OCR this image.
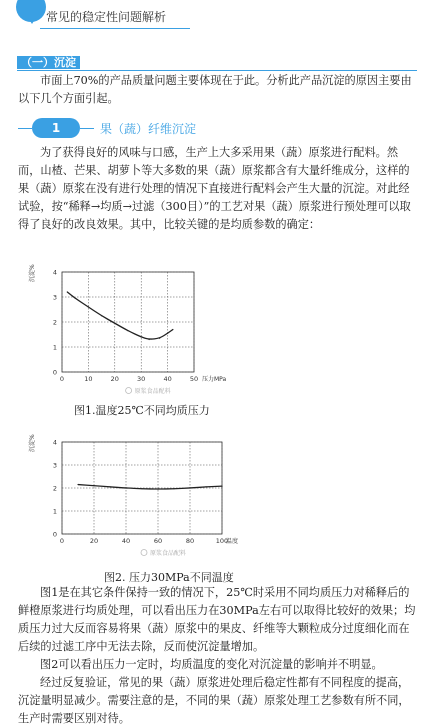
常见的稳定性问题解析
（一）沉淀

市面上70%的产品质量问题主要体现在于此。分析此产品沉淀的原因主要由以下几个方面引起。

1	果（蔬）纤维沉淀

为了获得良好的风味与口感，生产上大多采用果（蔬）原浆进行配料。然而，山楂、芒果、胡萝卜等大多数的果（蔬）原浆都含有大量纤维成分，这样的果（蔬）原浆在没有进行处理的情况下直接进行配料会产生大量的沉淀。对此经试验，按“稀释→均质→过滤（300目）”的工艺对果（蔬）原浆进行预处理可以取得了良好的改良效果。其中，比较关键的是均质参数的确定：

0
1
2
3
4
0	10	20	30	40	50
沉淀%
压力MPa
原浆食品配料
图1.温度25℃不同均质压力
0
1
2
3
4
0	20	40	60	80	100
沉淀%
温度
原浆食品配料
图2. 压力30MPa不同温度

图1是在其它条件保持一致的情况下，25℃时采用不同均质压力对稀释后的鲜橙原浆进行均质处理，可以看出压力在30MPa左右可以取得比较好的效果；均质压力过大反而容易将果（蔬）原浆中的果皮、纤维等大颗粒成分过度细化而在后续的过滤工序中无法去除，反而使沉淀量增加。

图2可以看出压力一定时，均质温度的变化对沉淀量的影响并不明显。

经过反复验证，常见的果（蔬）原浆进处理后稳定性都有不同程度的提高，沉淀量明显减少。需要注意的是，不同的果（蔬）原浆处理工艺参数有所不同，生产时需要区别对待。
